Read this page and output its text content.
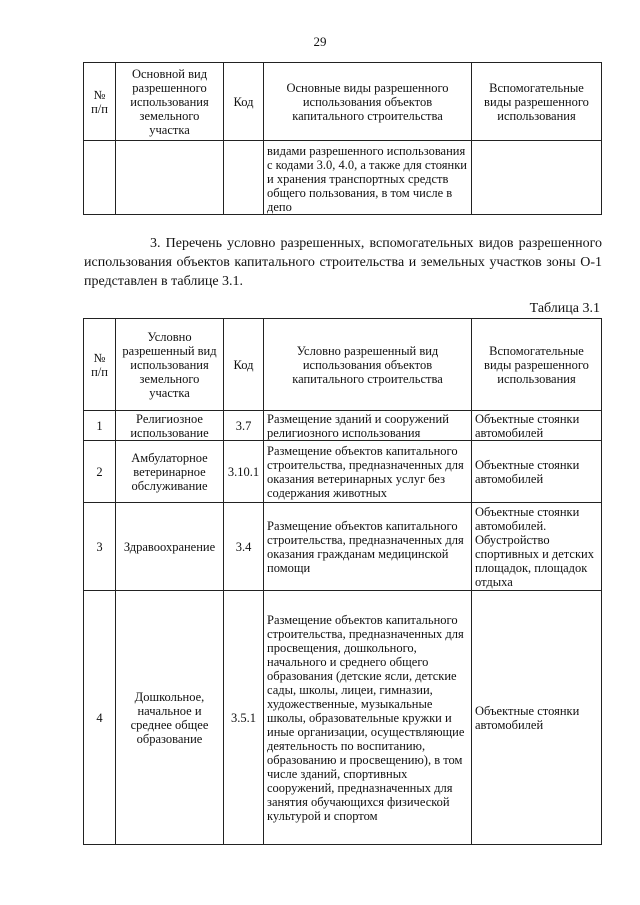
29
№ п/п	Основной вид разрешенного использования земельного участка	Код	Основные виды разрешенного использования объектов капитального строительства	Вспомогательные виды разрешенного использования
			видами разрешенного использования с кодами 3.0, 4.0, а также для стоянки и хранения транспортных средств общего пользования, в том числе в депо	
3. Перечень условно разрешенных, вспомогательных видов разрешенного использования объектов капитального строительства и земельных участков зоны О-1 представлен в таблице 3.1.
Таблица 3.1
№ п/п	Условно разрешенный вид использования земельного участка	Код	Условно разрешенный вид использования объектов капитального строительства	Вспомогательные виды разрешенного использования
1	Религиозное использование	3.7	Размещение зданий и сооружений религиозного использования	Объектные стоянки автомобилей
2	Амбулаторное ветеринарное обслуживание	3.10.1	Размещение объектов капитального строительства, предназначенных для оказания ветеринарных услуг без содержания животных	Объектные стоянки автомобилей
3	Здравоохранение	3.4	Размещение объектов капитального строительства, предназначенных для оказания гражданам медицинской помощи	Объектные стоянки автомобилей. Обустройство спортивных и детских площадок, площадок отдыха
4	Дошкольное, начальное и среднее общее образование	3.5.1	Размещение объектов капитального строительства, предназначенных для просвещения, дошкольного, начального и среднего общего образования (детские ясли, детские сады, школы, лицеи, гимназии, художественные, музыкальные школы, образовательные кружки и иные организации, осуществляющие деятельность по воспитанию, образованию и просвещению), в том числе зданий, спортивных сооружений, предназначенных для занятия обучающихся физической культурой и спортом	Объектные стоянки автомобилей
